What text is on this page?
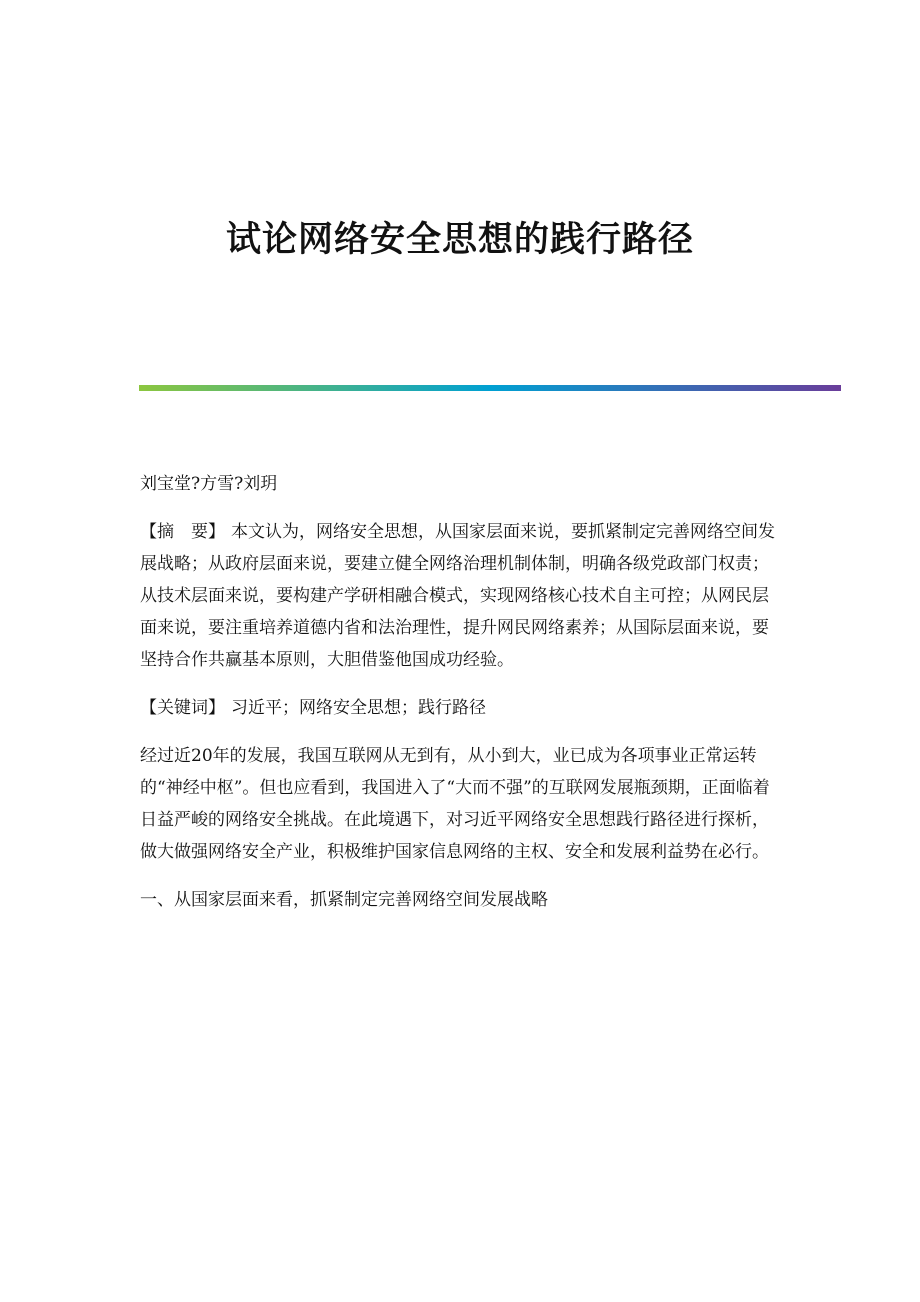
试论网络安全思想的践行路径

刘宝堂?方雪?刘玥

【摘　要】 本文认为，网络安全思想，从国家层面来说，要抓紧制定完善网络空间发展战略；从政府层面来说，要建立健全网络治理机制体制，明确各级党政部门权责；从技术层面来说，要构建产学研相融合模式，实现网络核心技术自主可控；从网民层面来说，要注重培养道德内省和法治理性，提升网民网络素养；从国际层面来说，要坚持合作共赢基本原则，大胆借鉴他国成功经验。

【关键词】 习近平；网络安全思想；践行路径

经过近20年的发展，我国互联网从无到有，从小到大，业已成为各项事业正常运转的“神经中枢”。但也应看到，我国进入了“大而不强”的互联网发展瓶颈期，正面临着日益严峻的网络安全挑战。在此境遇下，对习近平网络安全思想践行路径进行探析，做大做强网络安全产业，积极维护国家信息网络的主权、安全和发展利益势在必行。

一、从国家层面来看，抓紧制定完善网络空间发展战略
